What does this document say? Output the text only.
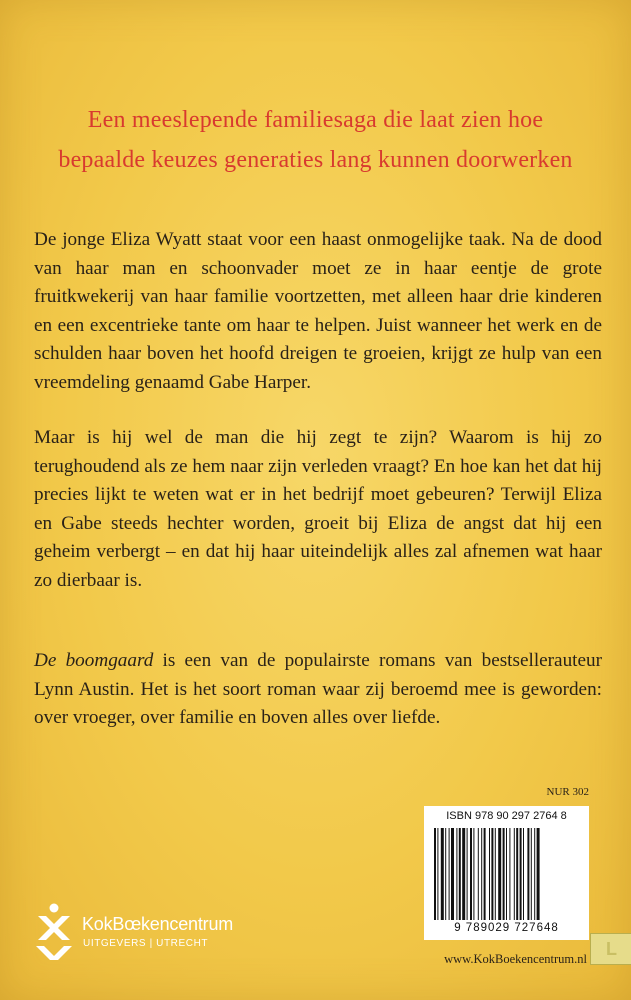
Een meeslepende familiesaga die laat zien hoe
bepaalde keuzes generaties lang kunnen doorwerken

De jonge Eliza Wyatt staat voor een haast onmogelijke taak. Na de dood van haar man en schoonvader moet ze in haar eentje de grote fruitkwekerij van haar familie voortzetten, met alleen haar drie kinderen en een excentrieke tante om haar te helpen. Juist wanneer het werk en de schulden haar boven het hoofd dreigen te groeien, krijgt ze hulp van een vreemdeling genaamd Gabe Harper.

Maar is hij wel de man die hij zegt te zijn? Waarom is hij zo terughoudend als ze hem naar zijn verleden vraagt? En hoe kan het dat hij precies lijkt te weten wat er in het bedrijf moet gebeuren? Terwijl Eliza en Gabe steeds hechter worden, groeit bij Eliza de angst dat hij een geheim verbergt – en dat hij haar uiteindelijk alles zal afnemen wat haar zo dierbaar is.

De boomgaard is een van de populairste romans van bestsellerauteur Lynn Austin. Het is het soort roman waar zij beroemd mee is geworden: over vroeger, over familie en boven alles over liefde.

NUR 302
ISBN 978 90 297 2764 8
9 789029 727648
KokBœkencentrum
UITGEVERS | UTRECHT
www.KokBoekencentrum.nl	L
